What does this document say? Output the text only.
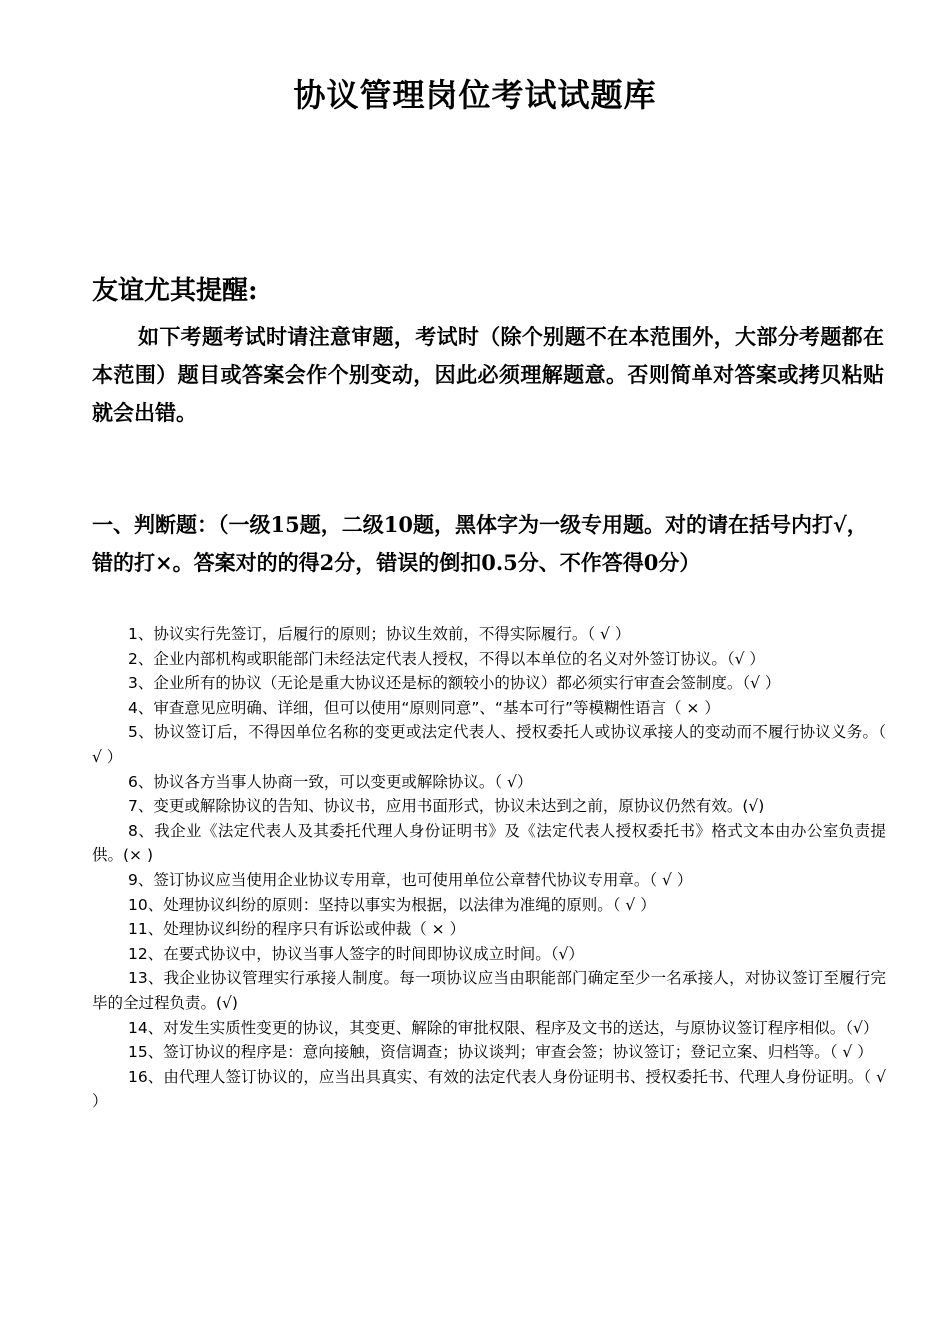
协议管理岗位考试试题库
友谊尤其提醒:
如下考题考试时请注意审题，考试时（除个别题不在本范围外，大部分考题都在本范围）题目或答案会作个别变动，因此必须理解题意。否则简单对答案或拷贝粘贴就会出错。
一、判断题：（一级15题，二级10题，黑体字为一级专用题。对的请在括号内打√，错的打×。答案对的的得2分，错误的倒扣0.5分、不作答得0分）

1、协议实行先签订，后履行的原则；协议生效前，不得实际履行。（ √ ）

2、企业内部机构或职能部门未经法定代表人授权，不得以本单位的名义对外签订协议。（√ ）

3、企业所有的协议（无论是重大协议还是标的额较小的协议）都必须实行审查会签制度。（√ ）

4、审查意见应明确、详细，但可以使用“原则同意”、“基本可行”等模糊性语言（ × ）

5、协议签订后，不得因单位名称的变更或法定代表人、授权委托人或协议承接人的变动而不履行协议义务。（ √ ）

6、协议各方当事人协商一致，可以变更或解除协议。（ √）

7、变更或解除协议的告知、协议书，应用书面形式，协议未达到之前，原协议仍然有效。(√)

8、我企业《法定代表人及其委托代理人身份证明书》及《法定代表人授权委托书》格式文本由办公室负责提供。(× )

9、签订协议应当使用企业协议专用章，也可使用单位公章替代协议专用章。（ √ ）

10、处理协议纠纷的原则：坚持以事实为根据，以法律为准绳的原则。（ √ ）

11、处理协议纠纷的程序只有诉讼或仲裁（ × ）

12、在要式协议中，协议当事人签字的时间即协议成立时间。（√）

13、我企业协议管理实行承接人制度。每一项协议应当由职能部门确定至少一名承接人，对协议签订至履行完毕的全过程负责。(√)

14、对发生实质性变更的协议，其变更、解除的审批权限、程序及文书的送达，与原协议签订程序相似。（√）

15、签订协议的程序是：意向接触，资信调查；协议谈判；审查会签；协议签订；登记立案、归档等。（ √ ）

16、由代理人签订协议的，应当出具真实、有效的法定代表人身份证明书、授权委托书、代理人身份证明。（ √ ）
